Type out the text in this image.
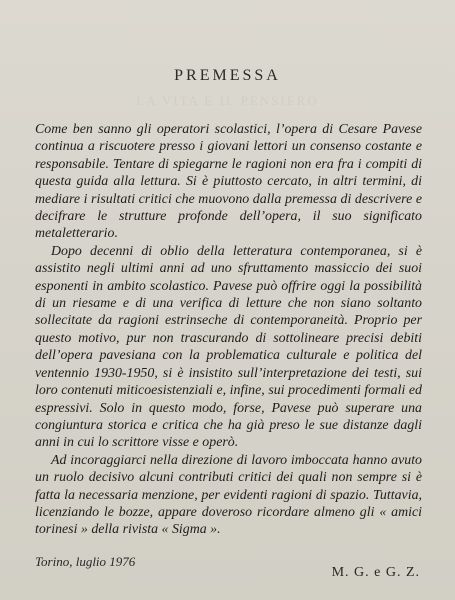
LA VITA E IL PENSIERO
PREMESSA

Come ben sanno gli operatori scolastici, l’opera di Cesare Pavese continua a riscuotere presso i giovani lettori un consenso costante e responsabile. Tentare di spiegarne le ragioni non era fra i compiti di questa guida alla lettura. Si è piuttosto cercato, in altri termini, di mediare i risultati critici che muovono dalla premessa di descrivere e decifrare le strutture profonde dell’opera, il suo significato metaletterario.

Dopo decenni di oblio della letteratura contemporanea, si è assistito negli ultimi anni ad uno sfruttamento massiccio dei suoi esponenti in ambito scolastico. Pavese può offrire oggi la possibilità di un riesame e di una verifica di letture che non siano soltanto sollecitate da ragioni estrinseche di contemporaneità. Proprio per questo motivo, pur non trascurando di sottolineare precisi debiti dell’opera pavesiana con la problematica culturale e politica del ventennio 1930-1950, si è insistito sull’interpretazione dei testi, sui loro contenuti miticoesistenziali e, infine, sui procedimenti formali ed espressivi. Solo in questo modo, forse, Pavese può superare una congiuntura storica e critica che ha già preso le sue distanze dagli anni in cui lo scrittore visse e operò.

Ad incoraggiarci nella direzione di lavoro imboccata hanno avuto un ruolo decisivo alcuni contributi critici dei quali non sempre si è fatta la necessaria menzione, per evidenti ragioni di spazio. Tuttavia, licenziando le bozze, appare doveroso ricordare almeno gli « amici torinesi » della rivista « Sigma ».

Torino, luglio 1976
M. G. e G. Z.
